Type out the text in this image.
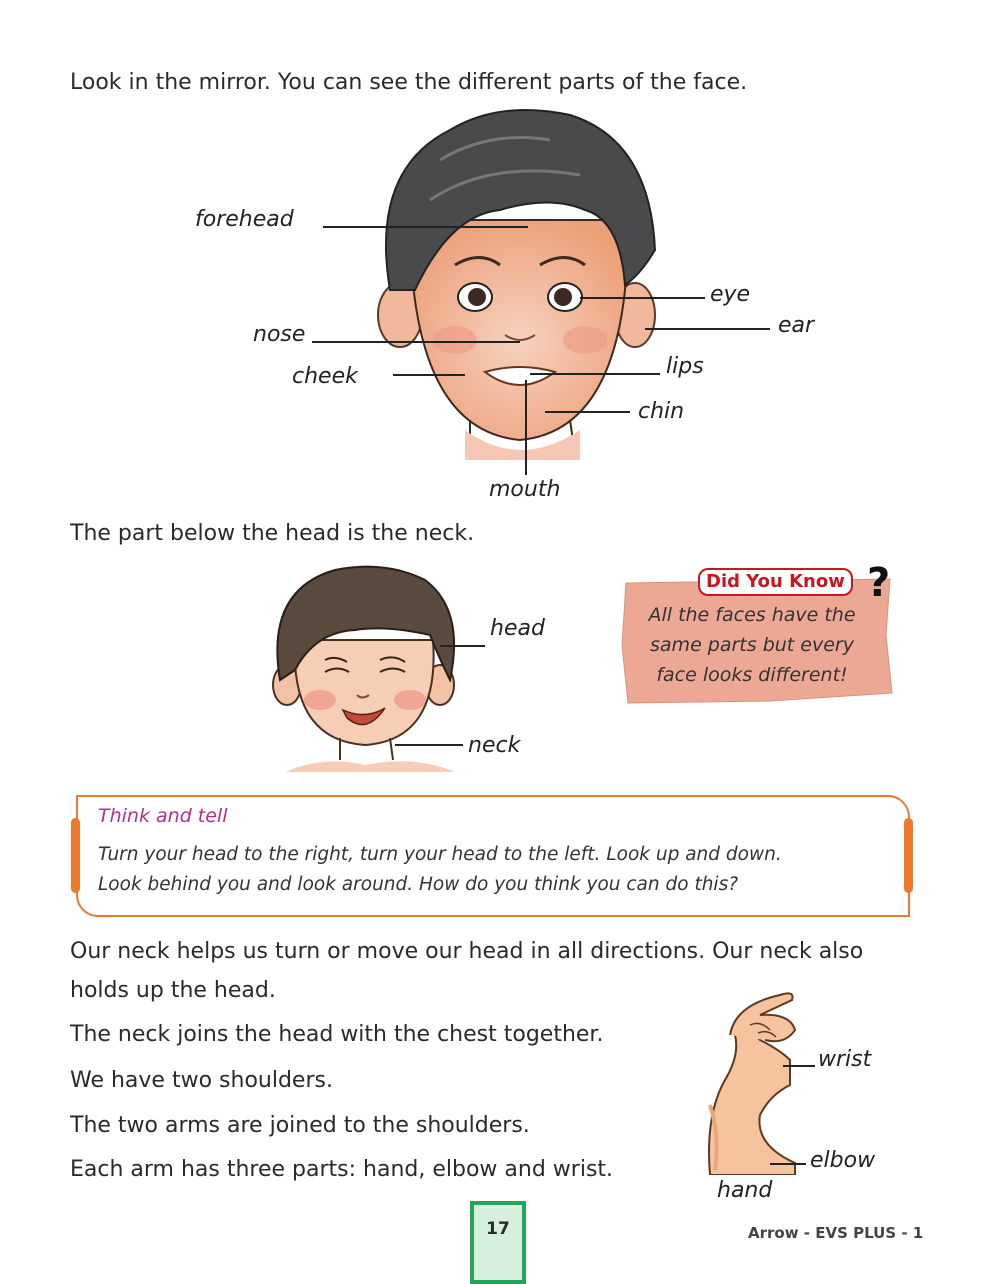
Look in the mirror. You can see the different parts of the face.
forehead
eye
ear
nose
cheek	lips
chin
mouth
The part below the head is the neck.
head
neck
Did You Know ?
All the faces have the
same parts but every
face looks different!
Think and tell
Turn your head to the right, turn your head to the left. Look up and down.
Look behind you and look around. How do you think you can do this?
Our neck helps us turn or move our head in all directions. Our neck also
holds up the head.
The neck joins the head with the chest together.
We have two shoulders.
The two arms are joined to the shoulders.
Each arm has three parts: hand, elbow and wrist.
wrist
elbow
hand
17	Arrow - EVS PLUS - 1
